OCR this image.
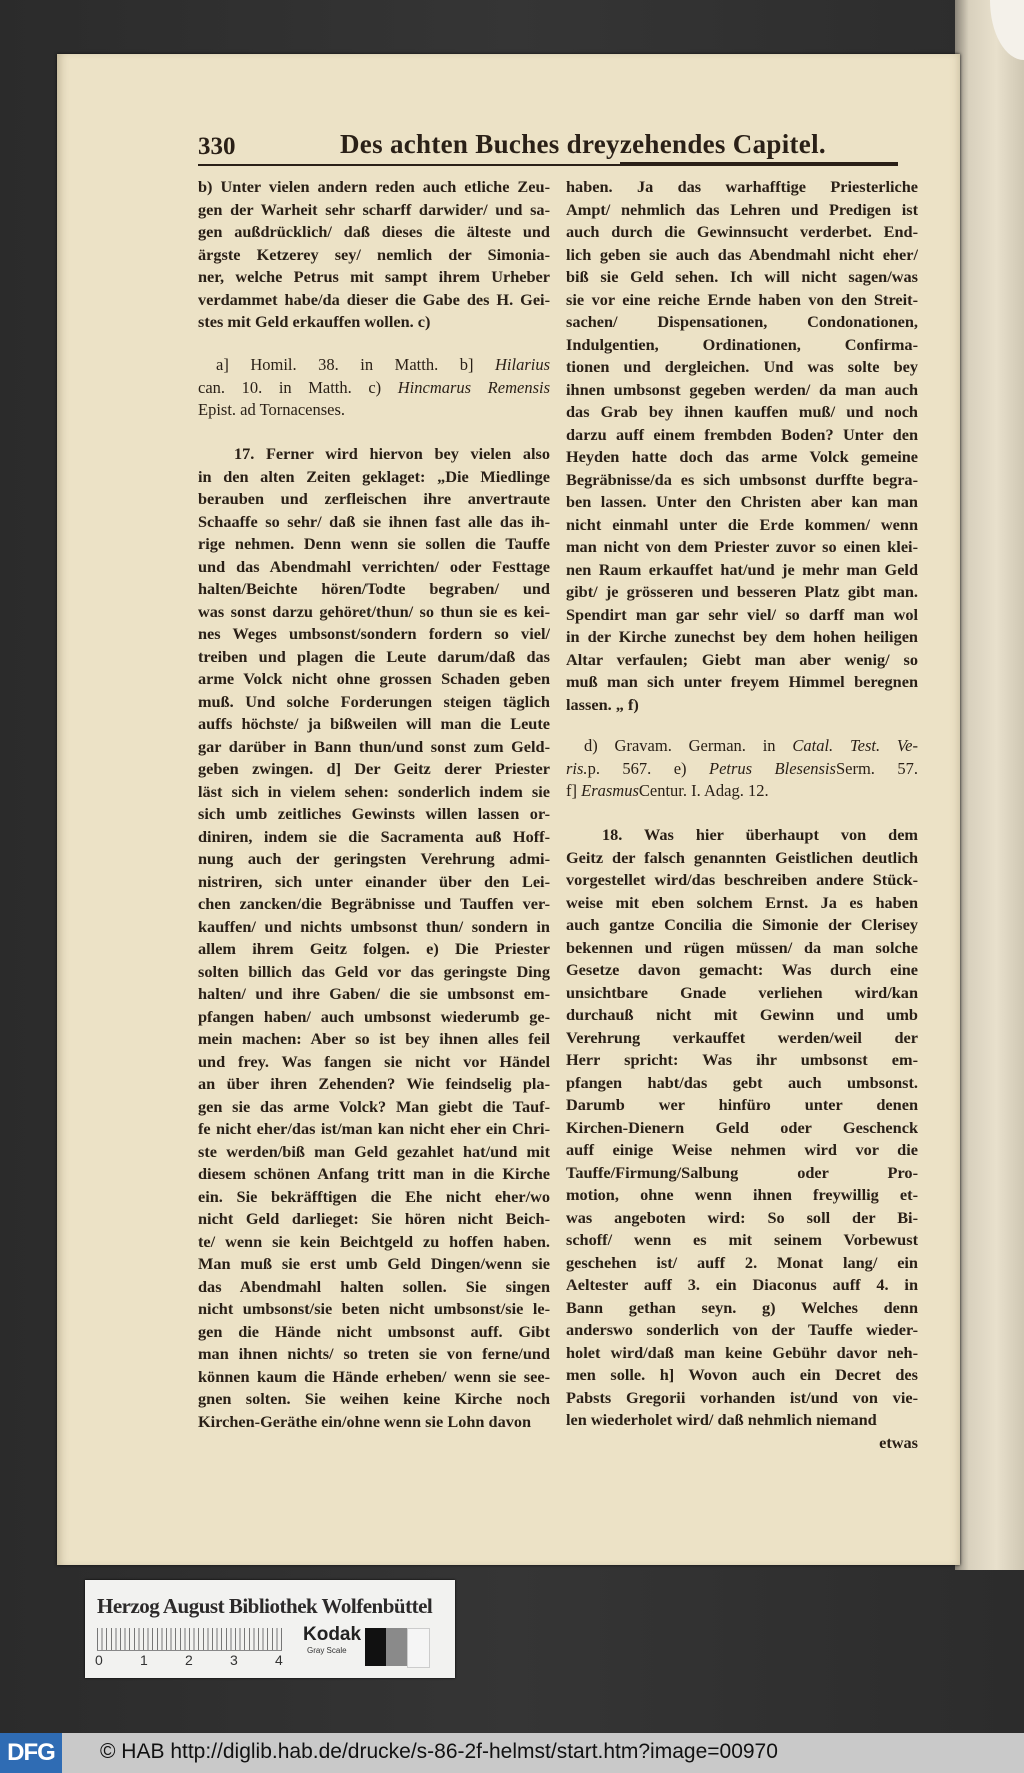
330	Des achten Buches dreyzehendes Capitel.
b) Unter vielen andern reden auch etliche Zeu-
gen der Warheit sehr scharff darwider/ und sa-
gen außdrücklich/ daß dieses die älteste und
ärgste Ketzerey sey/ nemlich der Simonia-
ner, welche Petrus mit sampt ihrem Urheber
verdammet habe/da dieser die Gabe des H. Gei-
stes mit Geld erkauffen wollen. c)
a] Homil. 38. in Matth. b] Hilarius
can. 10. in Matth. c) Hincmarus Remensis
Epist. ad Tornacenses.
17. Ferner wird hiervon bey vielen also
in den alten Zeiten geklaget: „Die Miedlinge
berauben und zerfleischen ihre anvertraute
Schaaffe so sehr/ daß sie ihnen fast alle das ih-
rige nehmen. Denn wenn sie sollen die Tauffe
und das Abendmahl verrichten/ oder Festtage
halten/Beichte hören/Todte begraben/ und
was sonst darzu gehöret/thun/ so thun sie es kei-
nes Weges umbsonst/sondern fordern so viel/
treiben und plagen die Leute darum/daß das
arme Volck nicht ohne grossen Schaden geben
muß. Und solche Forderungen steigen täglich
auffs höchste/ ja bißweilen will man die Leute
gar darüber in Bann thun/und sonst zum Geld-
geben zwingen. d] Der Geitz derer Priester
läst sich in vielem sehen: sonderlich indem sie
sich umb zeitliches Gewinsts willen lassen or-
diniren, indem sie die Sacramenta auß Hoff-
nung auch der geringsten Verehrung admi-
nistriren, sich unter einander über den Lei-
chen zancken/die Begräbnisse und Tauffen ver-
kauffen/ und nichts umbsonst thun/ sondern in
allem ihrem Geitz folgen. e) Die Priester
solten billich das Geld vor das geringste Ding
halten/ und ihre Gaben/ die sie umbsonst em-
pfangen haben/ auch umbsonst wiederumb ge-
mein machen: Aber so ist bey ihnen alles feil
und frey. Was fangen sie nicht vor Händel
an über ihren Zehenden? Wie feindselig pla-
gen sie das arme Volck? Man giebt die Tauf-
fe nicht eher/das ist/man kan nicht eher ein Chri-
ste werden/biß man Geld gezahlet hat/und mit
diesem schönen Anfang tritt man in die Kirche
ein. Sie bekräfftigen die Ehe nicht eher/wo
nicht Geld darlieget: Sie hören nicht Beich-
te/ wenn sie kein Beichtgeld zu hoffen haben.
Man muß sie erst umb Geld Dingen/wenn sie
das Abendmahl halten sollen. Sie singen
nicht umbsonst/sie beten nicht umbsonst/sie le-
gen die Hände nicht umbsonst auff. Gibt
man ihnen nichts/ so treten sie von ferne/und
können kaum die Hände erheben/ wenn sie see-
gnen solten. Sie weihen keine Kirche noch
Kirchen-Geräthe ein/ohne wenn sie Lohn davon
haben. Ja das warhafftige Priesterliche
Ampt/ nehmlich das Lehren und Predigen ist
auch durch die Gewinnsucht verderbet. End-
lich geben sie auch das Abendmahl nicht eher/
biß sie Geld sehen. Ich will nicht sagen/was
sie vor eine reiche Ernde haben von den Streit-
sachen/ Dispensationen, Condonationen,
Indulgentien, Ordinationen, Confirma-
tionen und dergleichen. Und was solte bey
ihnen umbsonst gegeben werden/ da man auch
das Grab bey ihnen kauffen muß/ und noch
darzu auff einem frembden Boden? Unter den
Heyden hatte doch das arme Volck gemeine
Begräbnisse/da es sich umbsonst durffte begra-
ben lassen. Unter den Christen aber kan man
nicht einmahl unter die Erde kommen/ wenn
man nicht von dem Priester zuvor so einen klei-
nen Raum erkauffet hat/und je mehr man Geld
gibt/ je grösseren und besseren Platz gibt man.
Spendirt man gar sehr viel/ so darff man wol
in der Kirche zunechst bey dem hohen heiligen
Altar verfaulen; Giebt man aber wenig/ so
muß man sich unter freyem Himmel beregnen
lassen. „ f)
d) Gravam. German. in Catal. Test. Ve-
ris.p. 567. e) Petrus BlesensisSerm. 57.
f] ErasmusCentur. I. Adag. 12.
18. Was hier überhaupt von dem
Geitz der falsch genannten Geistlichen deutlich
vorgestellet wird/das beschreiben andere Stück-
weise mit eben solchem Ernst. Ja es haben
auch gantze Concilia die Simonie der Clerisey
bekennen und rügen müssen/ da man solche
Gesetze davon gemacht: Was durch eine
unsichtbare Gnade verliehen wird/kan
durchauß nicht mit Gewinn und umb
Verehrung verkauffet werden/weil der
Herr spricht: Was ihr umbsonst em-
pfangen habt/das gebt auch umbsonst.
Darumb wer hinfüro unter denen
Kirchen-Dienern Geld oder Geschenck
auff einige Weise nehmen wird vor die
Tauffe/Firmung/Salbung oder Pro-
motion, ohne wenn ihnen freywillig et-
was angeboten wird: So soll der Bi-
schoff/ wenn es mit seinem Vorbewust
geschehen ist/ auff 2. Monat lang/ ein
Aeltester auff 3. ein Diaconus auff 4. in
Bann gethan seyn. g) Welches denn
anderswo sonderlich von der Tauffe wieder-
holet wird/daß man keine Gebühr davor neh-
men solle. h] Wovon auch ein Decret des
Pabsts Gregorii vorhanden ist/und von vie-
len wiederholet wird/ daß nehmlich niemand
etwas
Herzog August Bibliothek Wolfenbüttel
0	1	2	3	4
Kodak
Gray Scale
DFG	© HAB http://diglib.hab.de/drucke/s-86-2f-helmst/start.htm?image=00970
